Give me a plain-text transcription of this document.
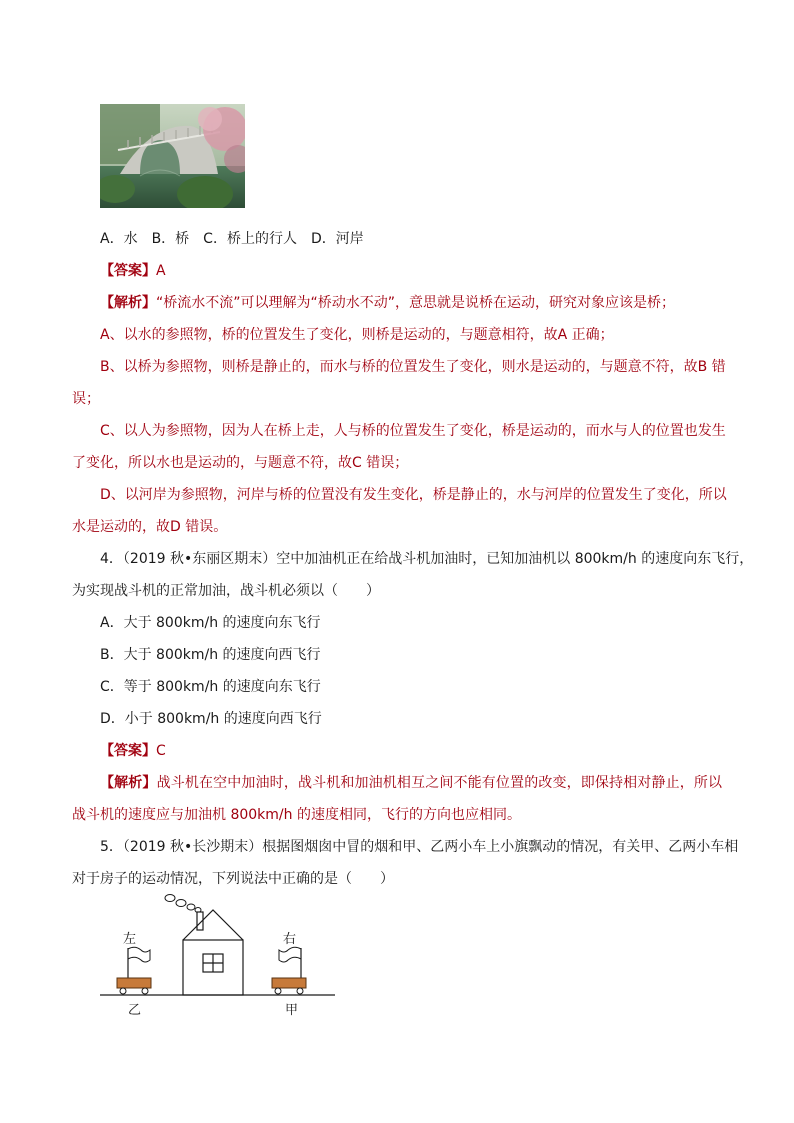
A．水　B．桥　C．桥上的行人　D．河岸
【答案】A
【解析】“桥流水不流”可以理解为“桥动水不动”，意思就是说桥在运动，研究对象应该是桥；
A、以水的参照物，桥的位置发生了变化，则桥是运动的，与题意相符，故A 正确；
B、以桥为参照物，则桥是静止的，而水与桥的位置发生了变化，则水是运动的，与题意不符，故B 错
误；
C、以人为参照物，因为人在桥上走，人与桥的位置发生了变化，桥是运动的，而水与人的位置也发生
了变化，所以水也是运动的，与题意不符，故C 错误；
D、以河岸为参照物，河岸与桥的位置没有发生变化，桥是静止的，水与河岸的位置发生了变化，所以
水是运动的，故D 错误。
4．（2019 秋•东丽区期末）空中加油机正在给战斗机加油时，已知加油机以 800km/h 的速度向东飞行，
为实现战斗机的正常加油，战斗机必须以（　　）
A．大于 800km/h 的速度向东飞行
B．大于 800km/h 的速度向西飞行
C．等于 800km/h 的速度向东飞行
D．小于 800km/h 的速度向西飞行
【答案】C
【解析】战斗机在空中加油时，战斗机和加油机相互之间不能有位置的改变，即保持相对静止，所以
战斗机的速度应与加油机 800km/h 的速度相同，飞行的方向也应相同。
5．（2019 秋•长沙期末）根据图烟囱中冒的烟和甲、乙两小车上小旗飘动的情况，有关甲、乙两小车相
对于房子的运动情况，下列说法中正确的是（　　）
左
乙
右
甲
